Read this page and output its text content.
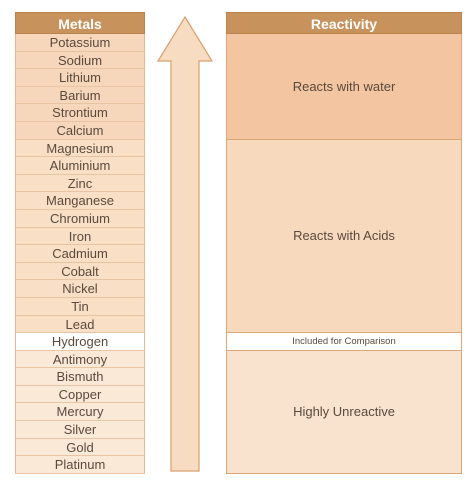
Metals
Potassium
Sodium
Lithium
Barium
Strontium
Calcium
Magnesium
Aluminium
Zinc
Manganese
Chromium
Iron
Cadmium
Cobalt
Nickel
Tin
Lead
Hydrogen
Antimony
Bismuth
Copper
Mercury
Silver
Gold
Platinum
Reactivity
Reacts with water
Reacts with Acids
Included for Comparison
Highly Unreactive
